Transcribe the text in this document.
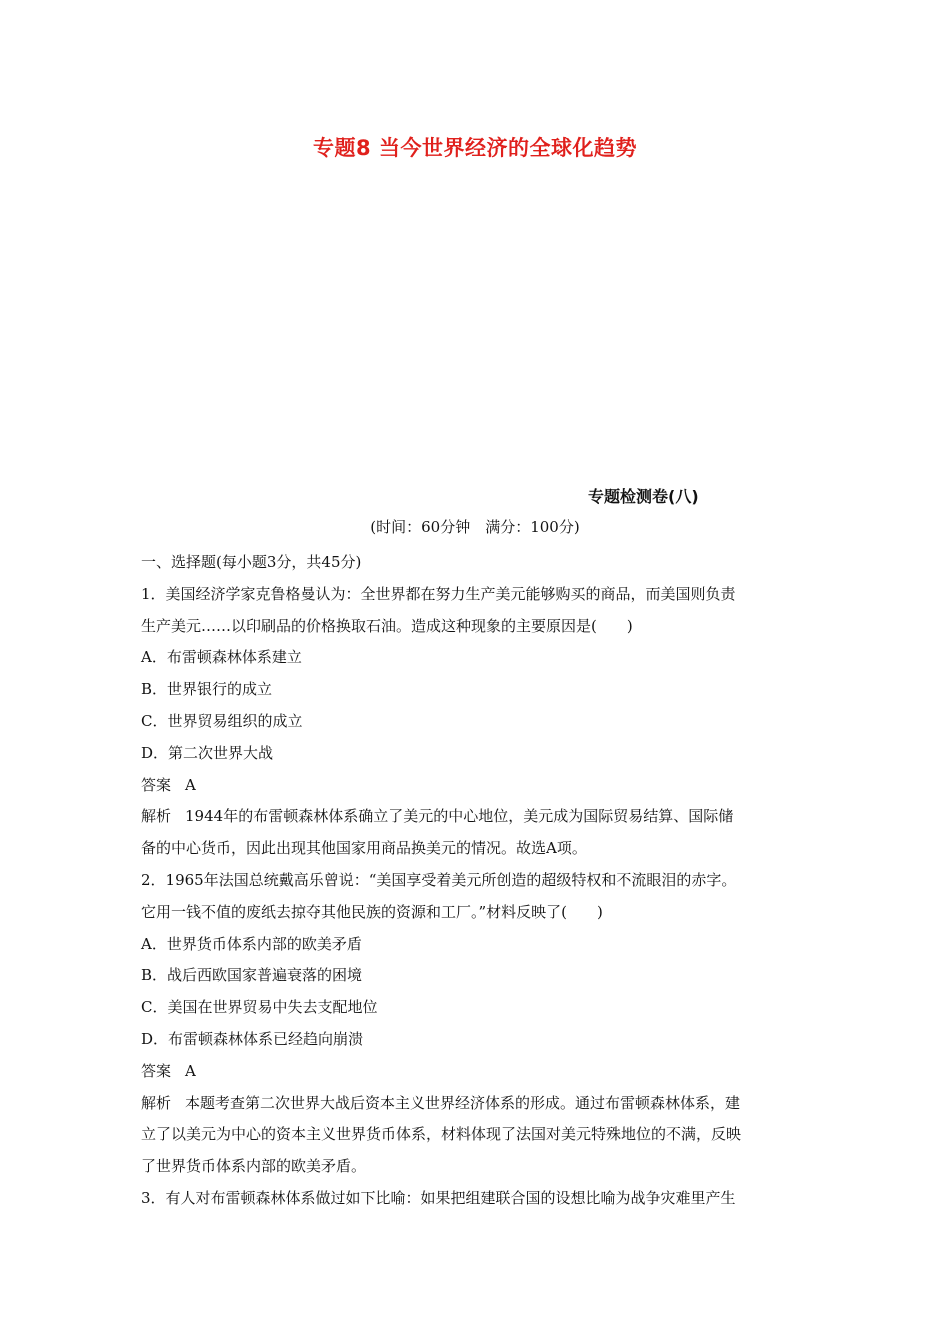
专题8 当今世界经济的全球化趋势
专题检测卷(八)
(时间：60分钟　满分：100分)
一、选择题(每小题3分，共45分)
1．美国经济学家克鲁格曼认为：全世界都在努力生产美元能够购买的商品，而美国则负责
生产美元……以印刷品的价格换取石油。造成这种现象的主要原因是(　　)
A．布雷顿森林体系建立
B．世界银行的成立
C．世界贸易组织的成立
D．第二次世界大战
答案 A
解析 1944年的布雷顿森林体系确立了美元的中心地位，美元成为国际贸易结算、国际储
备的中心货币，因此出现其他国家用商品换美元的情况。故选A项。
2．1965年法国总统戴高乐曾说：“美国享受着美元所创造的超级特权和不流眼泪的赤字。
它用一钱不值的废纸去掠夺其他民族的资源和工厂。”材料反映了(　　)
A．世界货币体系内部的欧美矛盾
B．战后西欧国家普遍衰落的困境
C．美国在世界贸易中失去支配地位
D．布雷顿森林体系已经趋向崩溃
答案 A
解析 本题考查第二次世界大战后资本主义世界经济体系的形成。通过布雷顿森林体系，建
立了以美元为中心的资本主义世界货币体系，材料体现了法国对美元特殊地位的不满，反映
了世界货币体系内部的欧美矛盾。
3．有人对布雷顿森林体系做过如下比喻：如果把组建联合国的设想比喻为战争灾难里产生
